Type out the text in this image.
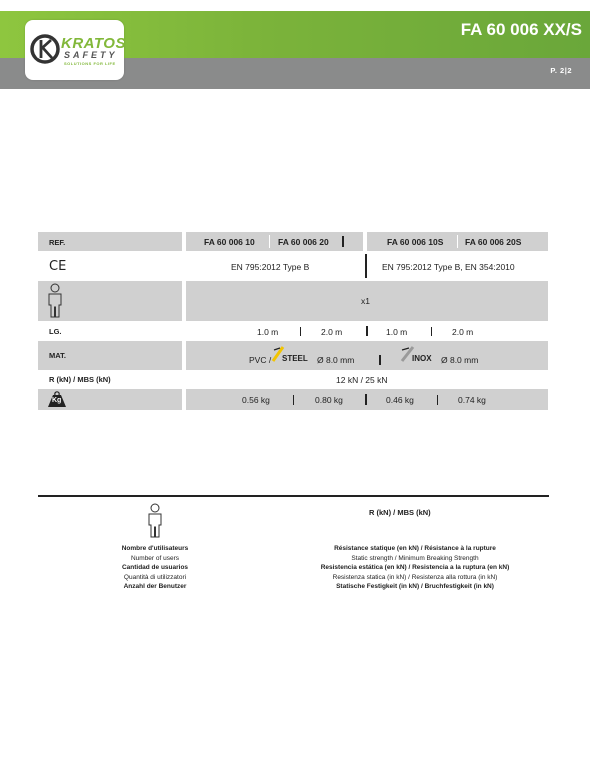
KRATOS
SAFETY
SOLUTIONS FOR LIFE
FA 60 006 XX/S
P. 2|2
REF.	FA 60 006 10	FA 60 006 20	FA 60 006 10S	FA 60 006 20S
CE	EN 795:2012 Type B	EN 795:2012 Type B, EN 354:2010
x1
LG.	1.0 m	2.0 m	1.0 m	2.0 m
MAT.	PVC / STEEL Ø 8.0 mm	INOX Ø 8.0 mm
R (kN) / MBS (kN)	12 kN / 25 kN
Kg	0.56 kg	0.80 kg	0.46 kg	0.74 kg
Nombre d'utilisateurs
Number of users
Cantidad de usuarios
Quantità di utilizzatori
Anzahl der Benutzer
R (kN) / MBS (kN)
Résistance statique (en kN) / Résistance à la rupture
Static strength / Minimum Breaking Strength
Resistencia estática (en kN) / Resistencia a la ruptura (en kN)
Resistenza statica (in kN) / Resistenza alla rottura (in kN)
Statische Festigkeit (in kN) / Bruchfestigkeit (in kN)
